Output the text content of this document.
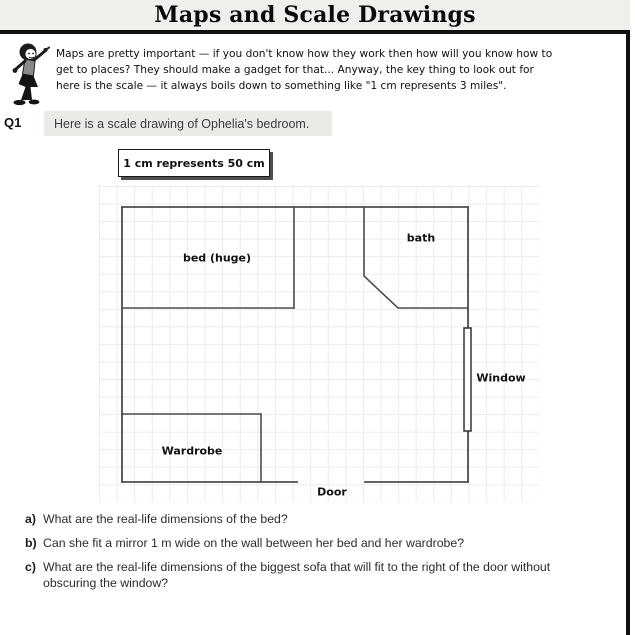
Maps and Scale Drawings
Maps are pretty important — if you don't know how they work then how will you know how to
get to places? They should make a gadget for that... Anyway, the key thing to look out for
here is the scale — it always boils down to something like "1 cm represents 3 miles".
Q1	Here is a scale drawing of Ophelia's bedroom.
1 cm represents 50 cm
bed (huge)
bath
Window
Wardrobe
Door
a) What are the real-life dimensions of the bed?
b) Can she fit a mirror 1 m wide on the wall between her bed and her wardrobe?
c) What are the real-life dimensions of the biggest sofa that will fit to the right of the door without obscuring the window?
